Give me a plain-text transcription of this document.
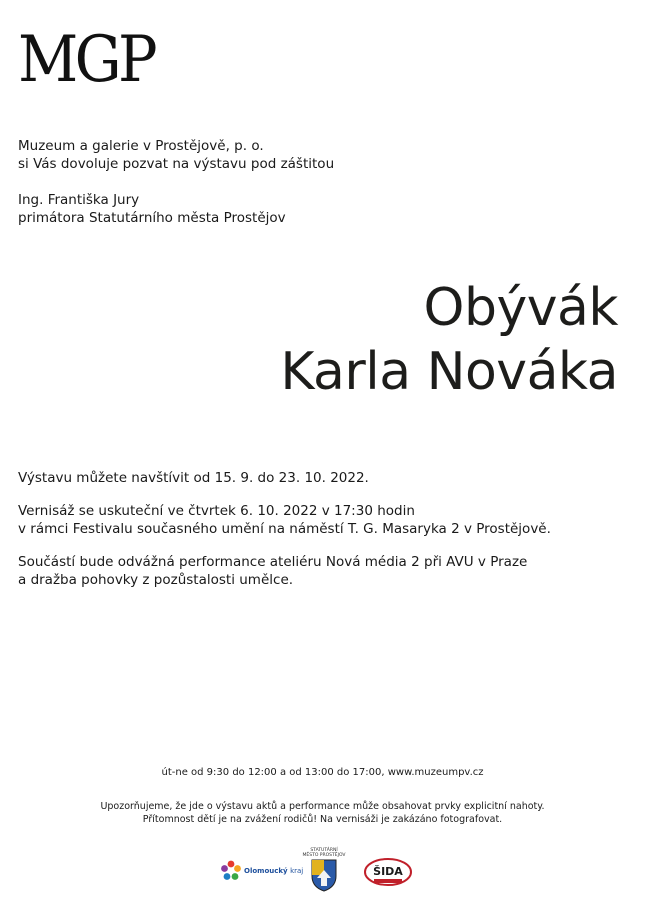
MGP

Muzeum a galerie v Prostějově, p. o.

si Vás dovoluje pozvat na výstavu pod záštitou

Ing. Františka Jury

primátora Statutárního města Prostějov

Obývák
Karla Nováka

Výstavu můžete navštívit od 15. 9. do 23. 10. 2022.

Vernisáž se uskuteční ve čtvrtek 6. 10. 2022 v 17:30 hodin
v rámci Festivalu současného umění na náměstí T. G. Masaryka 2 v Prostějově.

Součástí bude odvážná performance ateliéru Nová média 2 při AVU v Praze
a dražba pohovky z pozůstalosti umělce.

út-ne od 9:30 do 12:00 a od 13:00 do 17:00, www.muzeumpv.cz
Upozorňujeme, že jde o výstavu aktů a performance může obsahovat prvky explicitní nahoty.
Přítomnost dětí je na zvážení rodičů! Na vernisáži je zakázáno fotografovat.
Olomoucký kraj
STATUTÁRNÍ
MĚSTO PROSTĚJOV
ŠIDA
